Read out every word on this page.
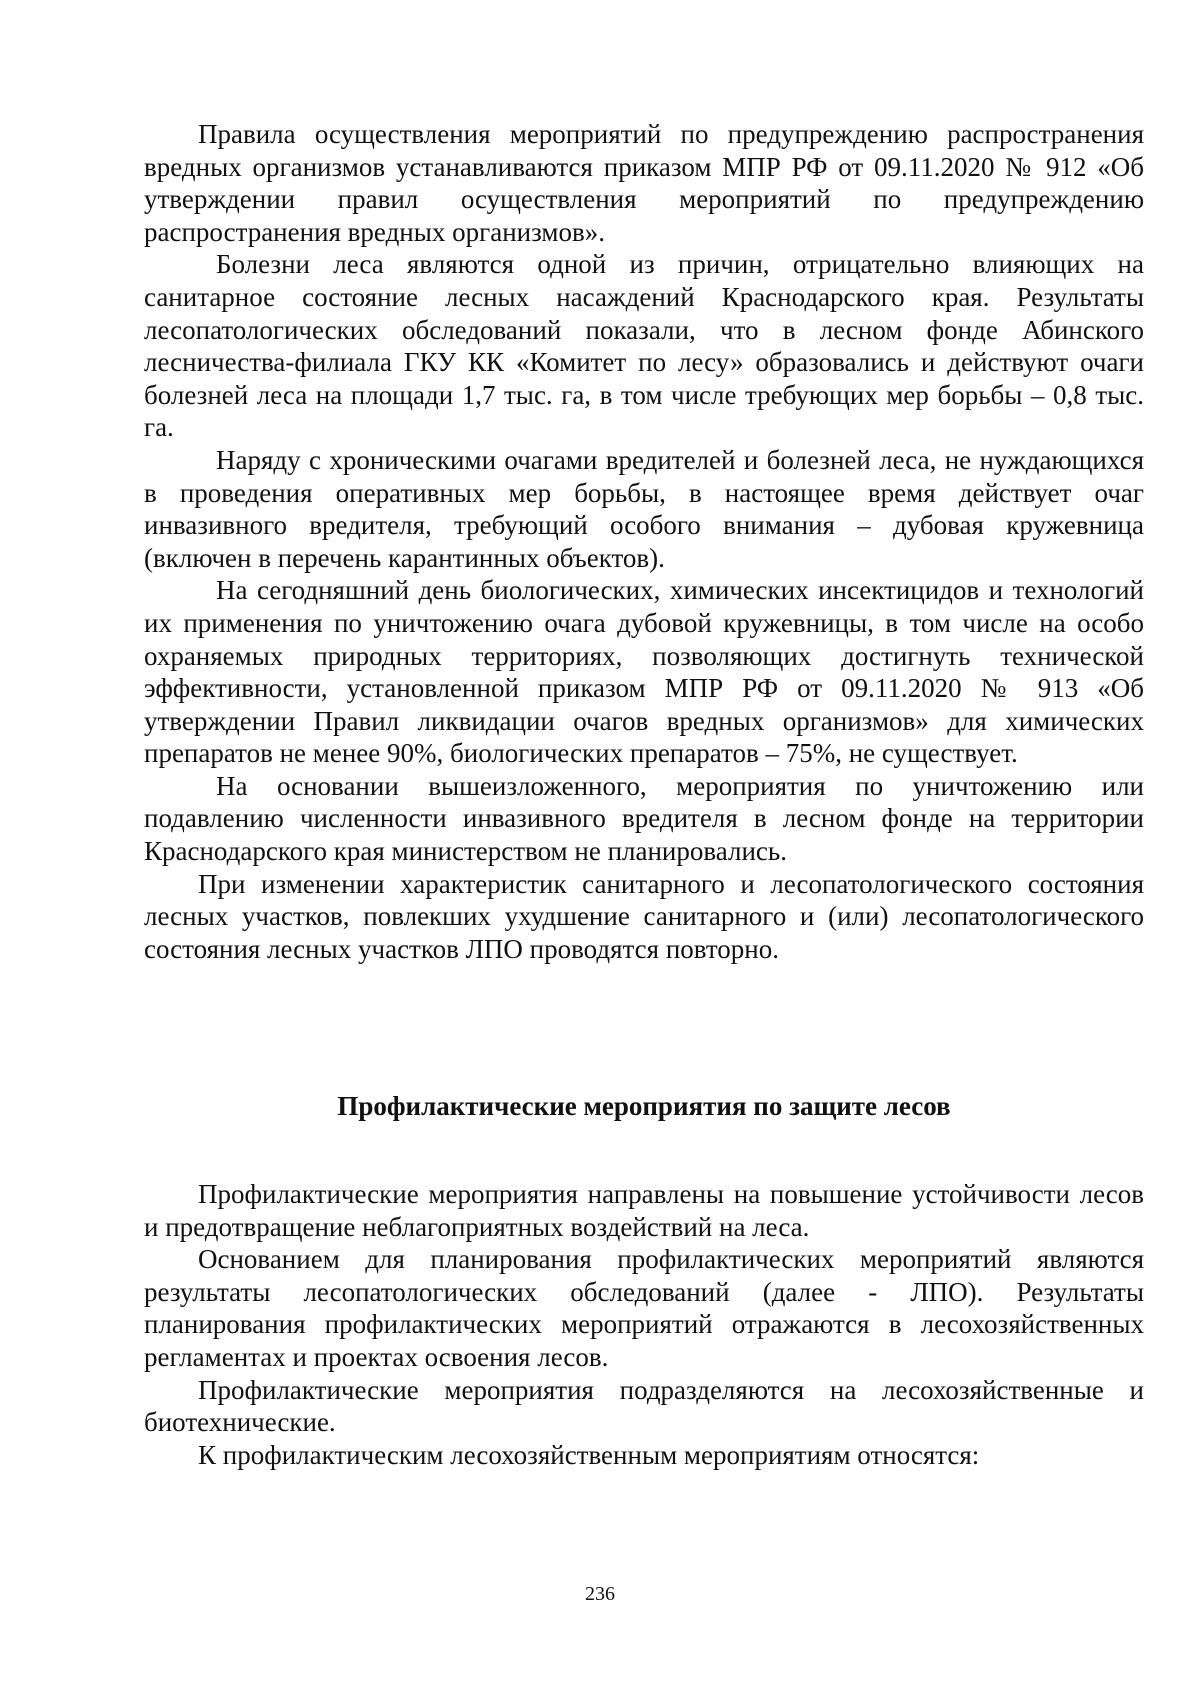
Правила осуществления мероприятий по предупреждению распространения вредных организмов устанавливаются приказом МПР РФ от 09.11.2020 № 912 «Об утверждении правил осуществления мероприятий по предупреждению распространения вредных организмов».

Болезни леса являются одной из причин, отрицательно влияющих на санитарное состояние лесных насаждений Краснодарского края. Результаты лесопатологических обследований показали, что в лесном фонде Абинского лесничества-филиала ГКУ КК «Комитет по лесу» образовались и действуют очаги болезней леса на площади 1,7 тыс. га, в том числе требующих мер борьбы – 0,8 тыс. га.

Наряду с хроническими очагами вредителей и болезней леса, не нуждающихся в проведения оперативных мер борьбы, в настоящее время действует очаг инвазивного вредителя, требующий особого внимания – дубовая кружевница (включен в перечень карантинных объектов).

На сегодняшний день биологических, химических инсектицидов и технологий их применения по уничтожению очага дубовой кружевницы, в том числе на особо охраняемых природных территориях, позволяющих достигнуть технической эффективности, установленной приказом МПР РФ от 09.11.2020 № 913 «Об утверждении Правил ликвидации очагов вредных организмов» для химических препаратов не менее 90%, биологических препаратов – 75%, не существует.

На основании вышеизложенного, мероприятия по уничтожению или подавлению численности инвазивного вредителя в лесном фонде на территории Краснодарского края министерством не планировались.

При изменении характеристик санитарного и лесопатологического состояния лесных участков, повлекших ухудшение санитарного и (или) лесопатологического состояния лесных участков ЛПО проводятся повторно.

Профилактические мероприятия по защите лесов

Профилактические мероприятия направлены на повышение устойчивости лесов и предотвращение неблагоприятных воздействий на леса.

Основанием для планирования профилактических мероприятий являются результаты лесопатологических обследований (далее - ЛПО). Результаты планирования профилактических мероприятий отражаются в лесохозяйственных регламентах и проектах освоения лесов.

Профилактические мероприятия подразделяются на лесохозяйственные и биотехнические.

К профилактическим лесохозяйственным мероприятиям относятся:

236
